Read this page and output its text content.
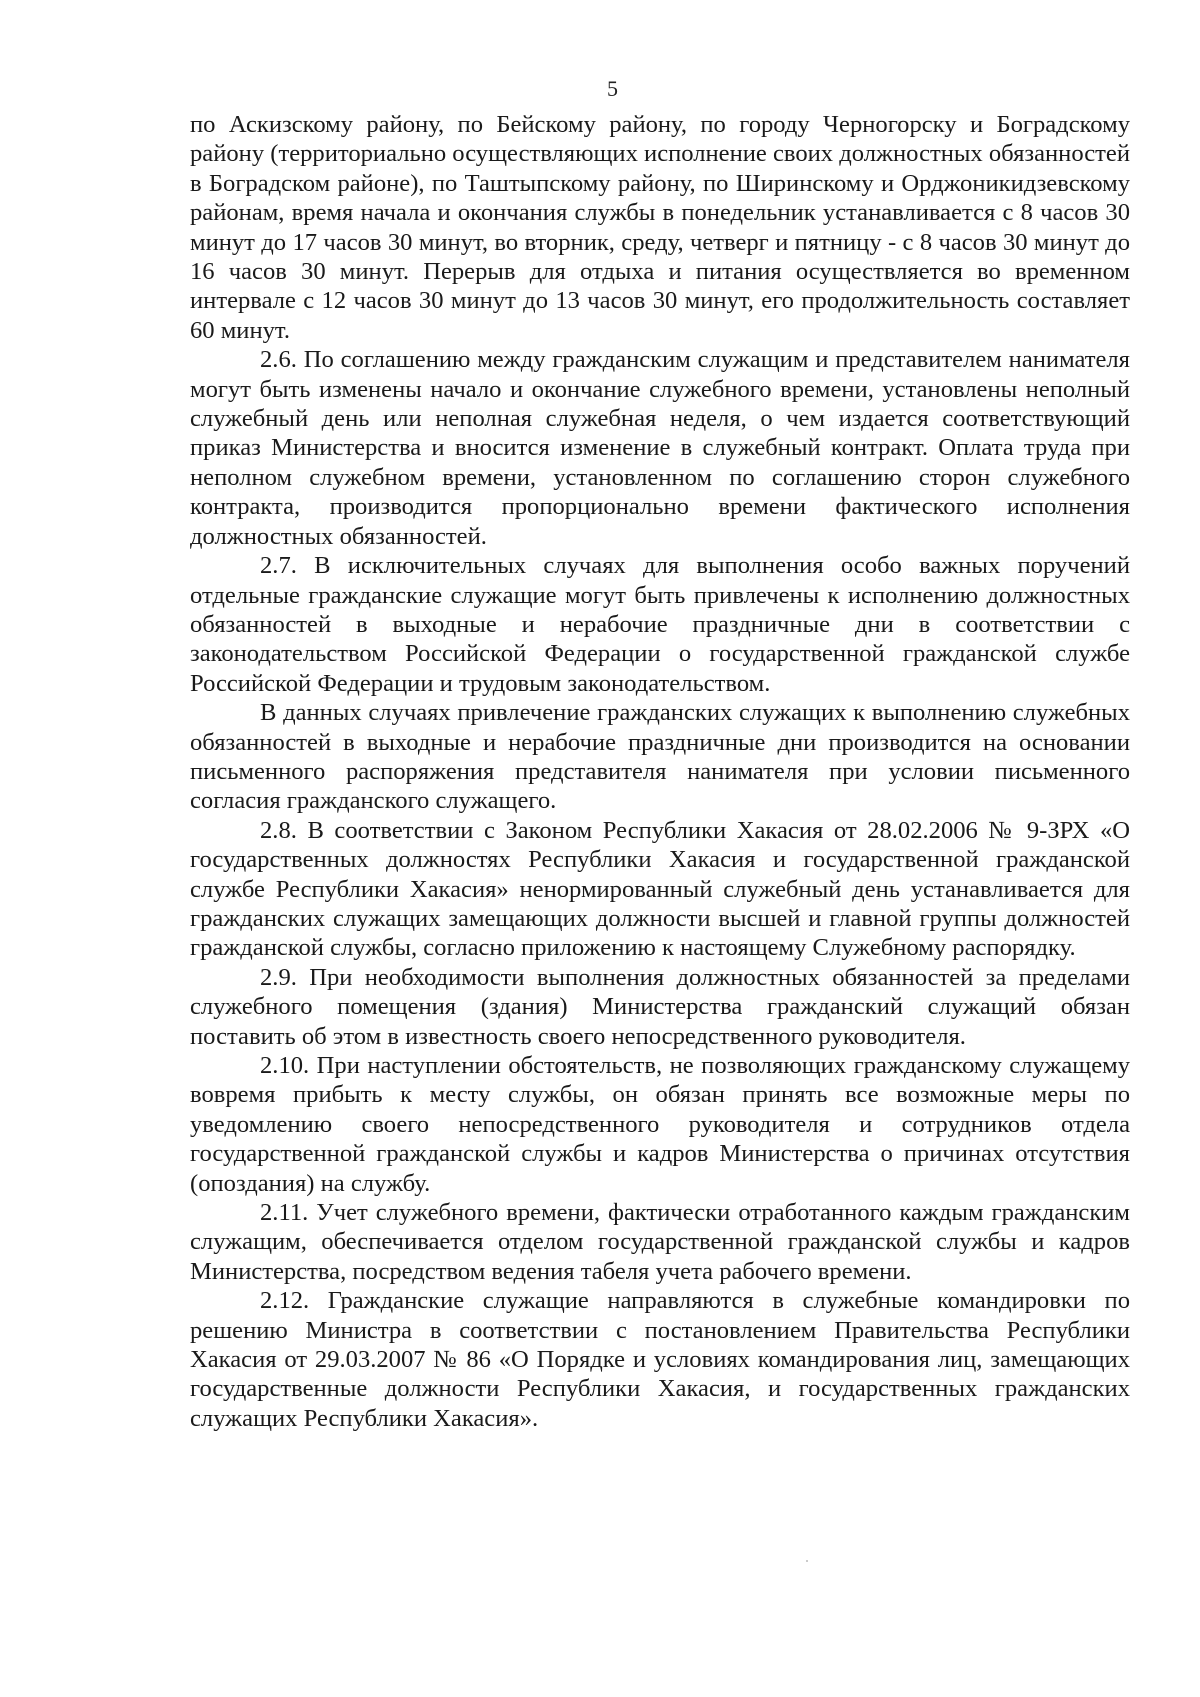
5

по Аскизскому району, по Бейскому району, по городу Черногорску и Боградскому району (территориально осуществляющих исполнение своих должностных обязанностей в Боградском районе), по Таштыпскому району, по Ширинскому и Орджоникидзевскому районам, время начала и окончания службы в понедельник устанавливается с 8 часов 30 минут до 17 часов 30 минут, во вторник, среду, четверг и пятницу - с 8 часов 30 минут до 16 часов 30 минут. Перерыв для отдыха и питания осуществляется во временном интервале с 12 часов 30 минут до 13 часов 30 минут, его продолжительность составляет 60 минут.

2.6. По соглашению между гражданским служащим и представителем нанимателя могут быть изменены начало и окончание служебного времени, установлены неполный служебный день или неполная служебная неделя, о чем издается соответствующий приказ Министерства и вносится изменение в служебный контракт. Оплата труда при неполном служебном времени, установленном по соглашению сторон служебного контракта, производится пропорционально времени фактического исполнения должностных обязанностей.

2.7. В исключительных случаях для выполнения особо важных поручений отдельные гражданские служащие могут быть привлечены к исполнению должностных обязанностей в выходные и нерабочие праздничные дни в соответствии с законодательством Российской Федерации о государственной гражданской службе Российской Федерации и трудовым законодательством.

В данных случаях привлечение гражданских служащих к выполнению служебных обязанностей в выходные и нерабочие праздничные дни производится на основании письменного распоряжения представителя нанимателя при условии письменного согласия гражданского служащего.

2.8. В соответствии с Законом Республики Хакасия от 28.02.2006 № 9-ЗРХ «О государственных должностях Республики Хакасия и государственной гражданской службе Республики Хакасия» ненормированный служебный день устанавливается для гражданских служащих замещающих должности высшей и главной группы должностей гражданской службы, согласно приложению к настоящему Служебному распорядку.

2.9. При необходимости выполнения должностных обязанностей за пределами служебного помещения (здания) Министерства гражданский служащий обязан поставить об этом в известность своего непосредственного руководителя.

2.10. При наступлении обстоятельств, не позволяющих гражданскому служащему вовремя прибыть к месту службы, он обязан принять все возможные меры по уведомлению своего непосредственного руководителя и сотрудников отдела государственной гражданской службы и кадров Министерства о причинах отсутствия (опоздания) на службу.

2.11. Учет служебного времени, фактически отработанного каждым гражданским служащим, обеспечивается отделом государственной гражданской службы и кадров Министерства, посредством ведения табеля учета рабочего времени.

2.12. Гражданские служащие направляются в служебные командировки по решению Министра в соответствии с постановлением Правительства Республики Хакасия от 29.03.2007 № 86 «О Порядке и условиях командирования лиц, замещающих государственные должности Республики Хакасия, и государственных гражданских служащих Республики Хакасия».
